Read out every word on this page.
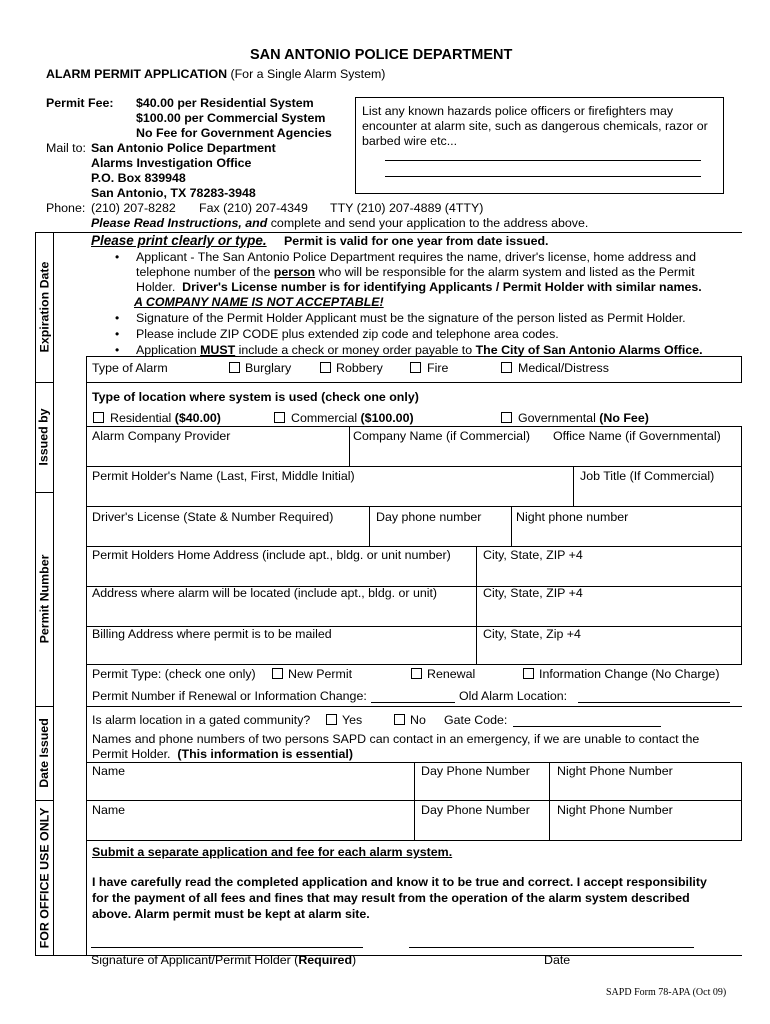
SAN ANTONIO POLICE DEPARTMENT
ALARM PERMIT APPLICATION (For a Single Alarm System)
Permit Fee: $40.00 per Residential System
$100.00 per Commercial System
No Fee for Government Agencies
Mail to: San Antonio Police Department
Alarms Investigation Office
P.O. Box 839948
San Antonio, TX 78283-3948
Phone: (210) 207-8282 Fax (210) 207-4349 TTY (210) 207-4889 (4TTY)
List any known hazards police officers or firefighters may
encounter at alarm site, such as dangerous chemicals, razor or
barbed wire etc...
Please Read Instructions, and complete and send your application to the address above.
Expiration Date
Issued by
Permit Number
Date Issued
FOR OFFICE USE ONLY
Please print clearly or type. Permit is valid for one year from date issued.
• Applicant - The San Antonio Police Department requires the name, driver's license, home address and
telephone number of the person who will be responsible for the alarm system and listed as the Permit
Holder. Driver's License number is for identifying Applicants / Permit Holder with similar names.
A COMPANY NAME IS NOT ACCEPTABLE!
• Signature of the Permit Holder Applicant must be the signature of the person listed as Permit Holder.
• Please include ZIP CODE plus extended zip code and telephone area codes.
• Application MUST include a check or money order payable to The City of San Antonio Alarms Office.
Type of Alarm	Burglary	Robbery	Fire	Medical/Distress
Type of location where system is used (check one only)
Residential ($40.00)	Commercial ($100.00)	Governmental (No Fee)
Alarm Company Provider	Company Name (if Commercial) Office Name (if Governmental)
Permit Holder's Name (Last, First, Middle Initial)	Job Title (If Commercial)
Driver's License (State & Number Required)	Day phone number	Night phone number
Permit Holders Home Address (include apt., bldg. or unit number)	City, State, ZIP +4
Address where alarm will be located (include apt., bldg. or unit)	City, State, ZIP +4
Billing Address where permit is to be mailed	City, State, Zip +4
Permit Type: (check one only)	New Permit	Renewal	Information Change (No Charge)
Permit Number if Renewal or Information Change:	Old Alarm Location:
Is alarm location in a gated community?	Yes	No Gate Code:
Names and phone numbers of two persons SAPD can contact in an emergency, if we are unable to contact the
Permit Holder. (This information is essential)
Name	Day Phone Number Night Phone Number
Name	Day Phone Number Night Phone Number
Submit a separate application and fee for each alarm system.
I have carefully read the completed application and know it to be true and correct. I accept responsibility
for the payment of all fees and fines that may result from the operation of the alarm system described
above. Alarm permit must be kept at alarm site.
Signature of Applicant/Permit Holder (Required)	Date
SAPD Form 78-APA (Oct 09)
